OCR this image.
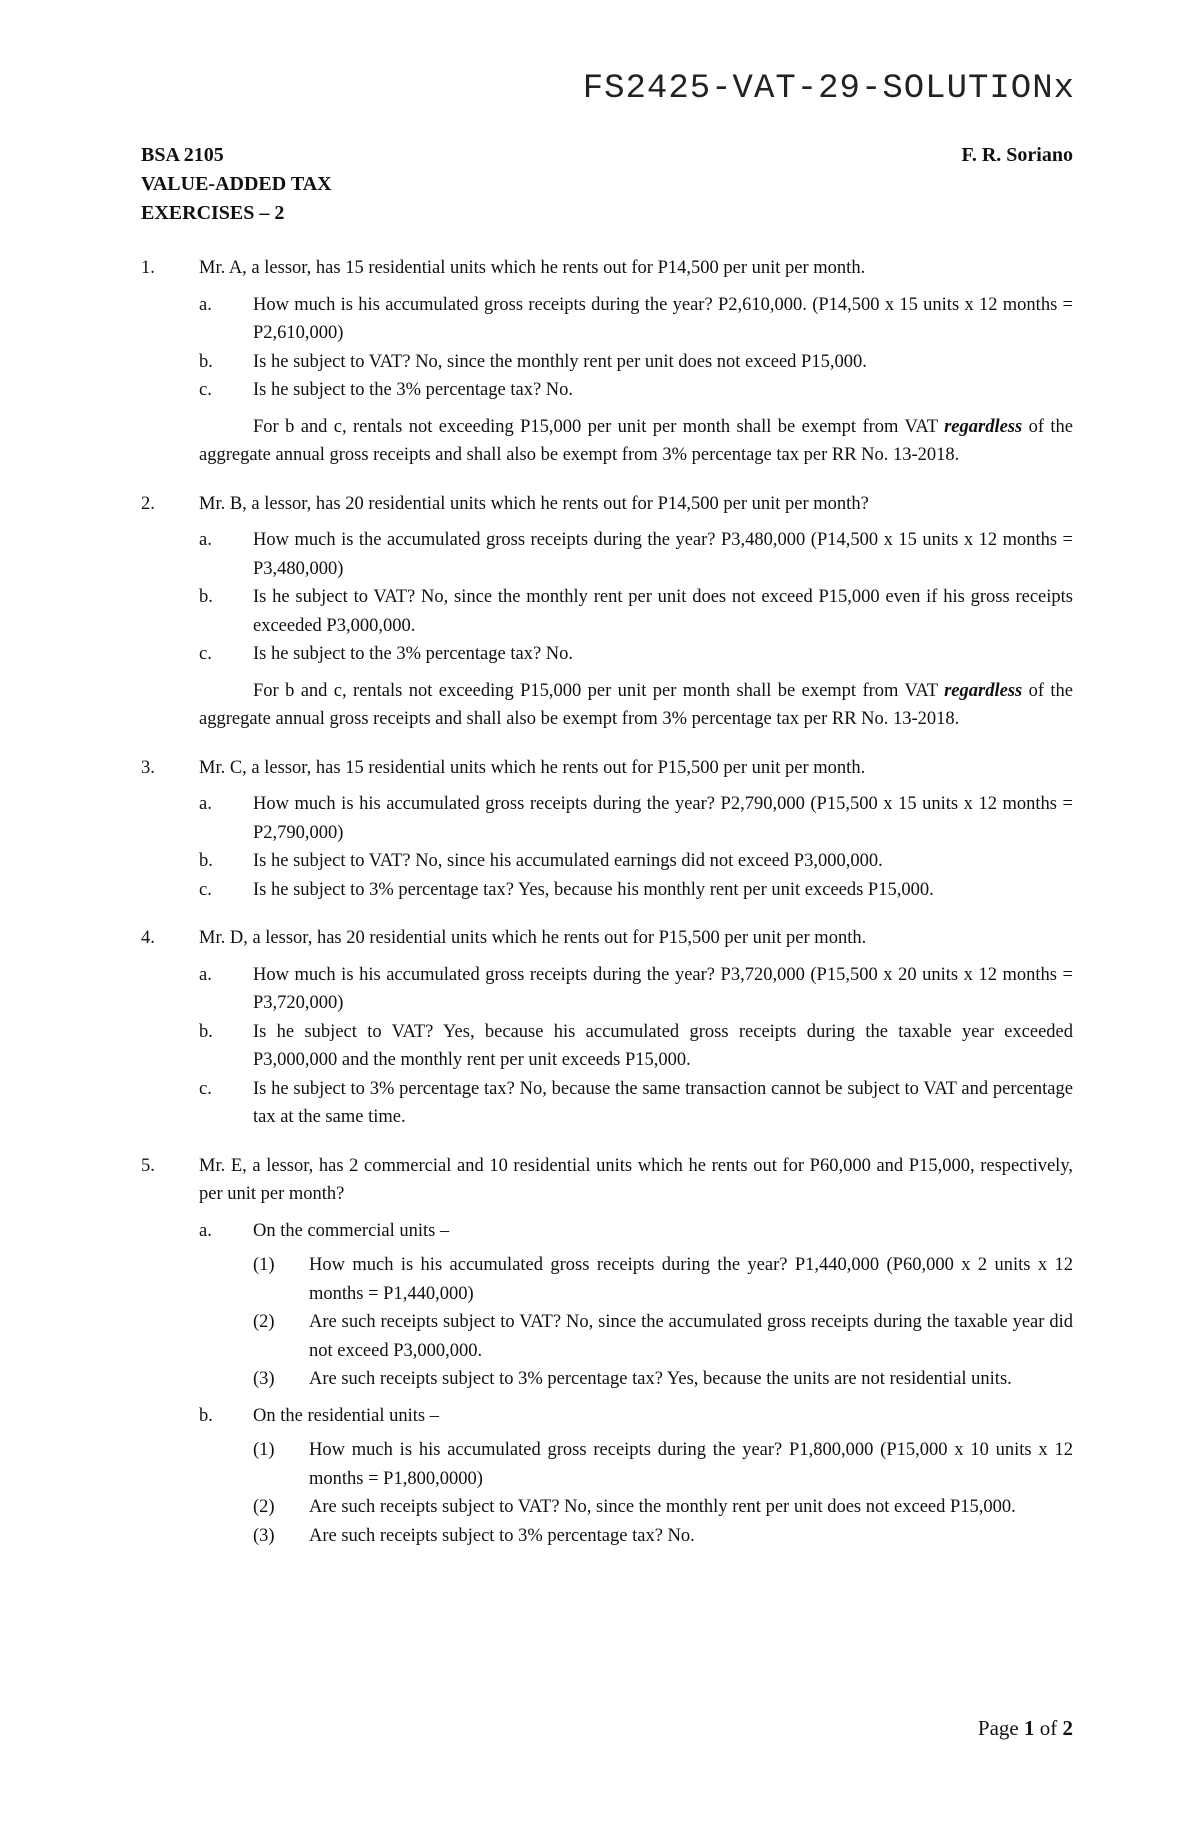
FS2425-VAT-29-SOLUTIONx
BSA 2105
VALUE-ADDED TAX
EXERCISES – 2
F. R. Soriano
1. Mr. A, a lessor, has 15 residential units which he rents out for P14,500 per unit per month.
a. How much is his accumulated gross receipts during the year? P2,610,000. (P14,500 x 15 units x 12 months = P2,610,000)
b. Is he subject to VAT? No, since the monthly rent per unit does not exceed P15,000.
c. Is he subject to the 3% percentage tax? No.
For b and c, rentals not exceeding P15,000 per unit per month shall be exempt from VAT regardless of the aggregate annual gross receipts and shall also be exempt from 3% percentage tax per RR No. 13-2018.
2. Mr. B, a lessor, has 20 residential units which he rents out for P14,500 per unit per month?
a. How much is the accumulated gross receipts during the year? P3,480,000 (P14,500 x 15 units x 12 months = P3,480,000)
b. Is he subject to VAT? No, since the monthly rent per unit does not exceed P15,000 even if his gross receipts exceeded P3,000,000.
c. Is he subject to the 3% percentage tax? No.
For b and c, rentals not exceeding P15,000 per unit per month shall be exempt from VAT regardless of the aggregate annual gross receipts and shall also be exempt from 3% percentage tax per RR No. 13-2018.
3. Mr. C, a lessor, has 15 residential units which he rents out for P15,500 per unit per month.
a. How much is his accumulated gross receipts during the year? P2,790,000 (P15,500 x 15 units x 12 months = P2,790,000)
b. Is he subject to VAT? No, since his accumulated earnings did not exceed P3,000,000.
c. Is he subject to 3% percentage tax? Yes, because his monthly rent per unit exceeds P15,000.
4. Mr. D, a lessor, has 20 residential units which he rents out for P15,500 per unit per month.
a. How much is his accumulated gross receipts during the year? P3,720,000 (P15,500 x 20 units x 12 months = P3,720,000)
b. Is he subject to VAT? Yes, because his accumulated gross receipts during the taxable year exceeded P3,000,000 and the monthly rent per unit exceeds P15,000.
c. Is he subject to 3% percentage tax? No, because the same transaction cannot be subject to VAT and percentage tax at the same time.
5. Mr. E, a lessor, has 2 commercial and 10 residential units which he rents out for P60,000 and P15,000, respectively, per unit per month?
a. On the commercial units –
(1) How much is his accumulated gross receipts during the year? P1,440,000 (P60,000 x 2 units x 12 months = P1,440,000)
(2) Are such receipts subject to VAT? No, since the accumulated gross receipts during the taxable year did not exceed P3,000,000.
(3) Are such receipts subject to 3% percentage tax? Yes, because the units are not residential units.
b. On the residential units –
(1) How much is his accumulated gross receipts during the year? P1,800,000 (P15,000 x 10 units x 12 months = P1,800,0000)
(2) Are such receipts subject to VAT? No, since the monthly rent per unit does not exceed P15,000.
(3) Are such receipts subject to 3% percentage tax? No.
Page 1 of 2
